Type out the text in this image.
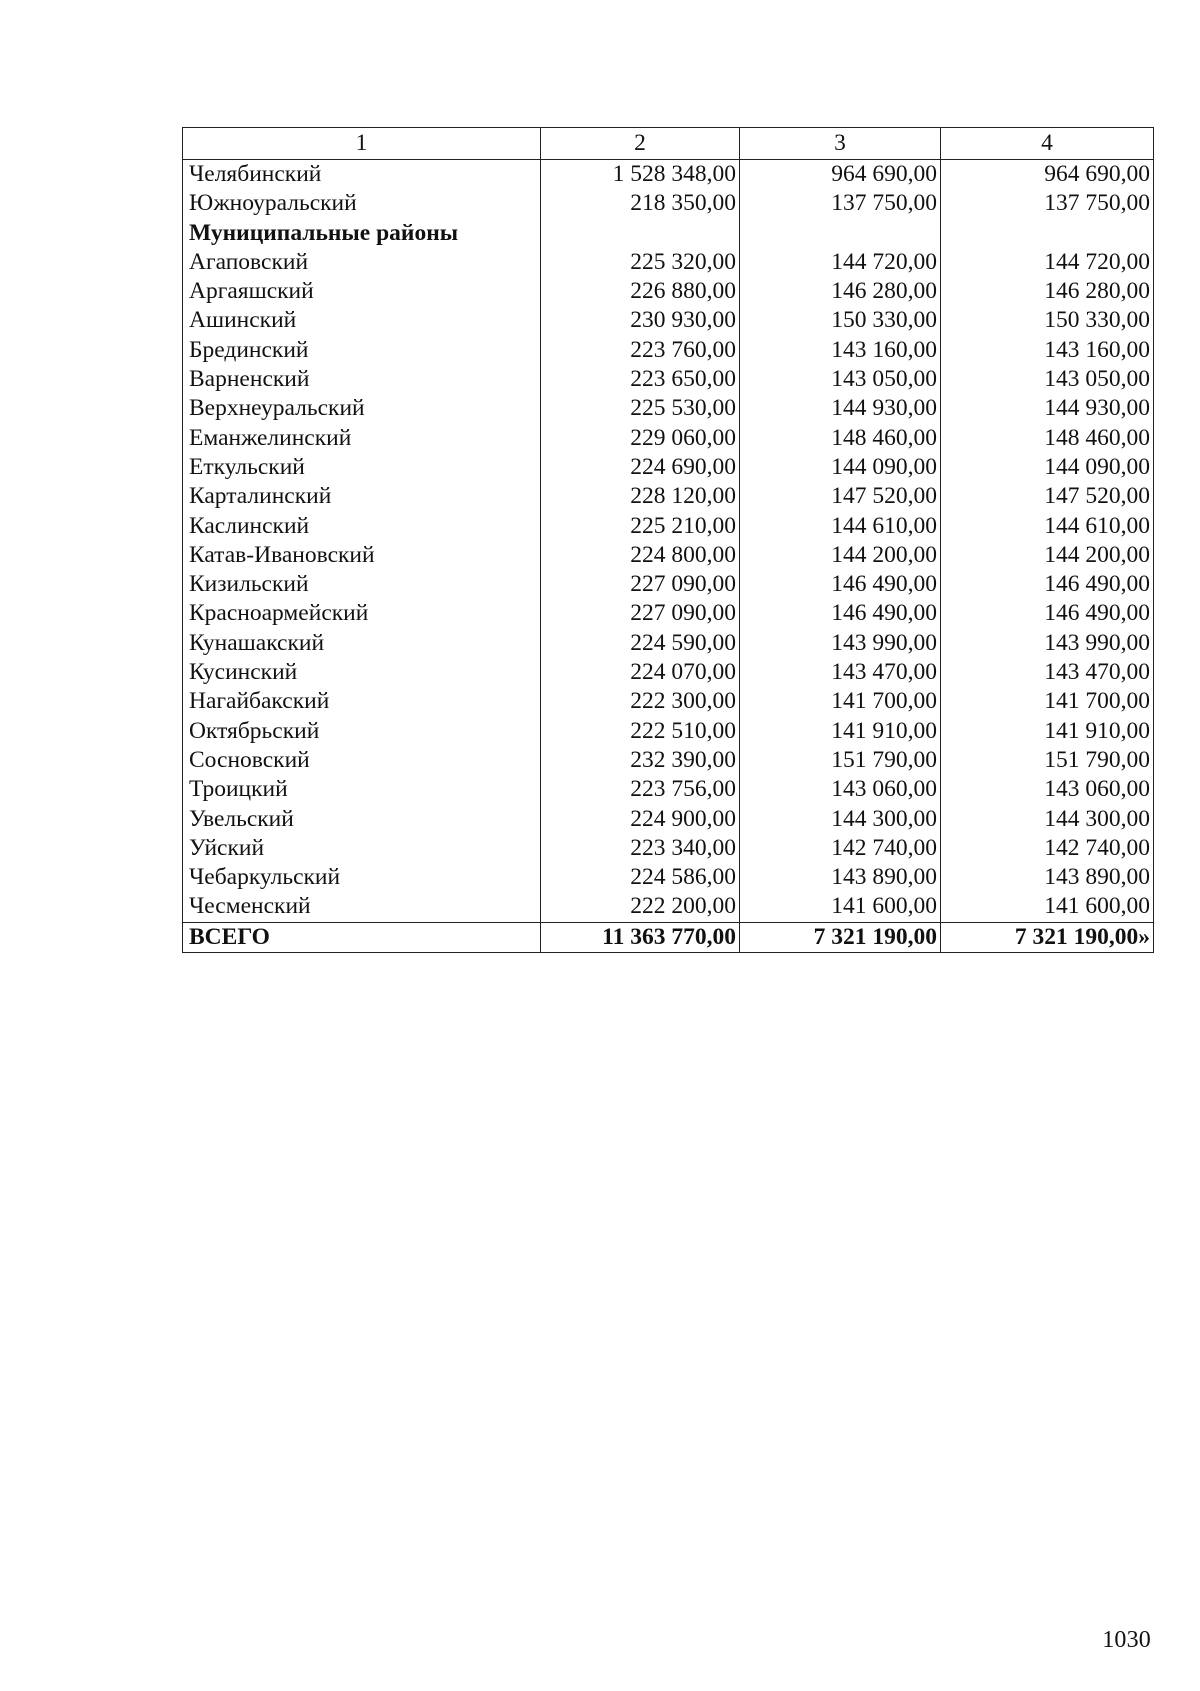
1	2	3	4
Челябинский	1 528 348,00	964 690,00	964 690,00
Южноуральский	218 350,00	137 750,00	137 750,00
Муниципальные районы			
Агаповский	225 320,00	144 720,00	144 720,00
Аргаяшский	226 880,00	146 280,00	146 280,00
Ашинский	230 930,00	150 330,00	150 330,00
Брединский	223 760,00	143 160,00	143 160,00
Варненский	223 650,00	143 050,00	143 050,00
Верхнеуральский	225 530,00	144 930,00	144 930,00
Еманжелинский	229 060,00	148 460,00	148 460,00
Еткульский	224 690,00	144 090,00	144 090,00
Карталинский	228 120,00	147 520,00	147 520,00
Каслинский	225 210,00	144 610,00	144 610,00
Катав-Ивановский	224 800,00	144 200,00	144 200,00
Кизильский	227 090,00	146 490,00	146 490,00
Красноармейский	227 090,00	146 490,00	146 490,00
Кунашакский	224 590,00	143 990,00	143 990,00
Кусинский	224 070,00	143 470,00	143 470,00
Нагайбакский	222 300,00	141 700,00	141 700,00
Октябрьский	222 510,00	141 910,00	141 910,00
Сосновский	232 390,00	151 790,00	151 790,00
Троицкий	223 756,00	143 060,00	143 060,00
Увельский	224 900,00	144 300,00	144 300,00
Уйский	223 340,00	142 740,00	142 740,00
Чебаркульский	224 586,00	143 890,00	143 890,00
Чесменский	222 200,00	141 600,00	141 600,00
ВСЕГО	11 363 770,00	7 321 190,00	7 321 190,00»
1030
